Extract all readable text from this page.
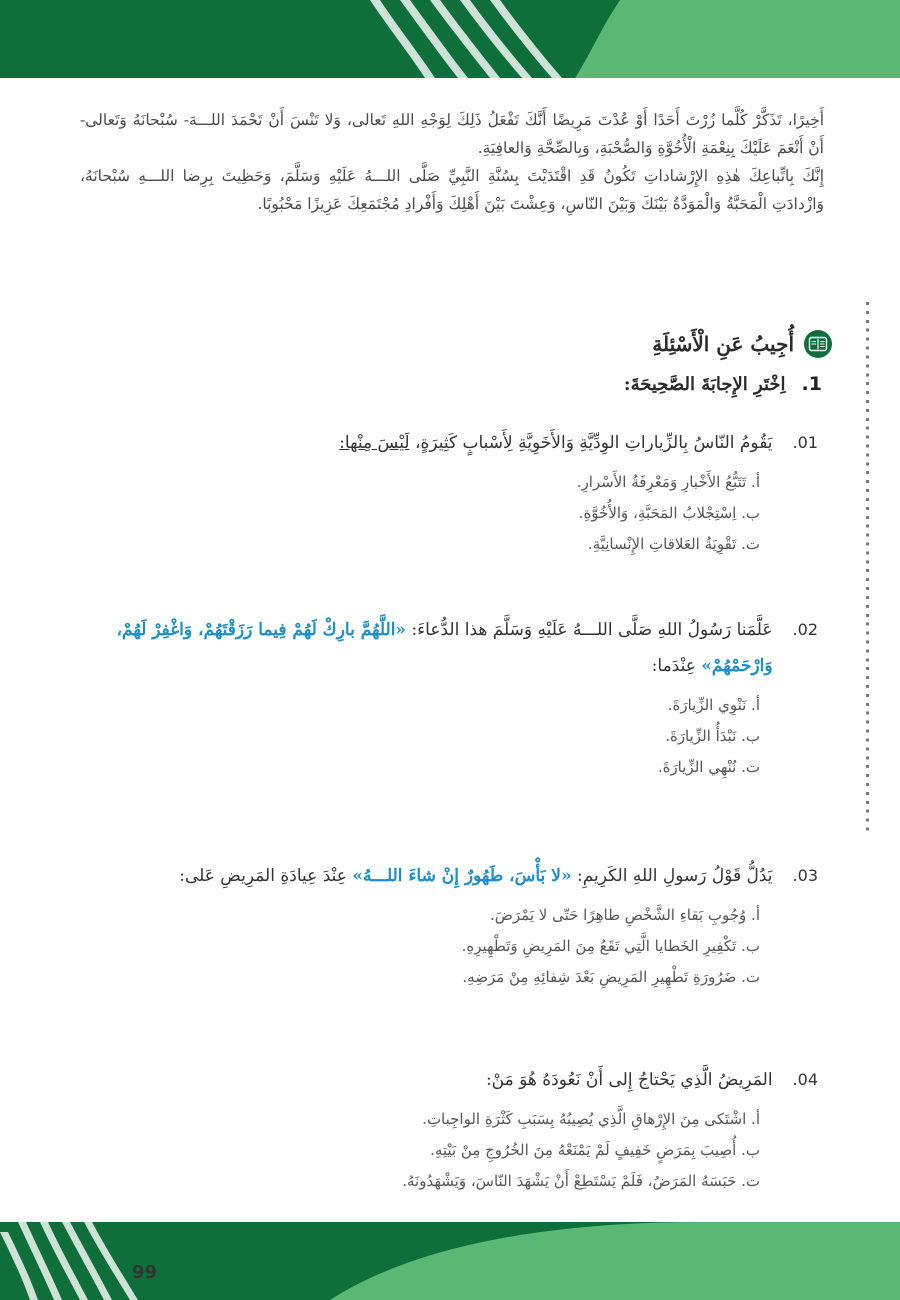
أَخِيرًا، تَذَكَّرْ كُلَّما زُرْتَ أَحَدًا أَوْ عُدْتَ مَرِيضًا أَنَّكَ تَفْعَلُ ذَلِكَ لِوَجْهِ اللهِ تَعالى، وَلا تَنْسَ أَنْ تَحْمَدَ اللـــهَ- سُبْحانَهُ وَتَعالى- أَنْ أَنْعَمَ عَلَيْكَ بِنِعْمَةِ الْأُخُوَّةِ وَالصُّحْبَةِ، وَبِالصِّحَّةِ وَالعافِيَةِ.

إِنَّكَ بِاتِّباعِكَ هٰذِهِ الإِرْشاداتِ تَكُونُ قَدِ اقْتَدَيْتَ بِسُنَّةِ النَّبِيِّ صَلَّى اللـــهُ عَلَيْهِ وَسَلَّمَ، وَحَظِيتَ بِرِضا اللـــهِ سُبْحانَهُ، وَازْدادَتِ الْمَحَبَّةُ وَالْمَوَدَّةُ بَيْنَكَ وَبَيْنَ النّاسِ، وَعِشْتَ بَيْنَ أَهْلِكَ وَأَفْرادِ مُجْتَمَعِكَ عَزِيزًا مَحْبُوبًا.

▪ ▪ ▪ ▪ ▪ ▪ ▪ ▪ ▪ ▪ ▪ ▪ ▪ ▪ ▪ ▪ ▪ ▪ ▪ ▪ ▪ ▪ ▪ ▪ ▪ ▪ ▪ ▪ ▪ ▪ ▪ ▪ ▪ ▪ ▪ ▪ ▪ ▪ ▪ ▪ ▪ ▪ ▪ ▪ ▪ ▪ ▪ ▪ ▪ ▪ ▪ ▪ ▪ ▪ ▪ ▪ ▪ ▪ ▪ ▪
أُجِيبُ عَنِ الْأَسْئِلَةِ
1.
اِخْتَرِ الإِجابَةَ الصَّحِيحَةَ:
01.
يَقُومُ النّاسُ بِالزِّياراتِ الوِدِّيَّةِ وَالأَخَوِيَّةِ لِأَسْبابٍ كَثِيرَةٍ، لَيْسَ مِنْها:
أ. تَتَبُّعُ الأَخْبارِ وَمَعْرِفَةُ الأَسْرارِ.
ب. اِسْتِجْلابُ المَحَبَّةِ، وَالأُخُوَّةِ.
ت. تَقْوِيَةُ العَلاقاتِ الإِنْسانِيَّةِ.
02.
عَلَّمَنا رَسُولُ اللهِ صَلَّى اللـــهُ عَلَيْهِ وَسَلَّمَ هذا الدُّعاءَ: «اللَّهُمَّ بارِكْ لَهُمْ فِيما رَزَقْتَهُمْ، وَاغْفِرْ لَهُمْ، وَارْحَمْهُمْ» عِنْدَما:
أ. نَنْوِي الزِّيارَةَ.
ب. نَبْدَأُ الزِّيارَةَ.
ت. نُنْهِي الزِّيارَةَ.
03.
يَدُلُّ قَوْلُ رَسولِ اللهِ الكَرِيمِ: «لا بَأْسَ، طَهُورٌ إِنْ شاءَ اللـــهُ» عِنْدَ عِيادَةِ المَرِيضِ عَلى:
أ. وُجُوبِ بَقاءِ الشَّخْصِ طاهِرًا حَتّى لا يَمْرَضَ.
ب. تَكْفِيرِ الخَطايا الَّتِي تَقَعُ مِنَ المَرِيضِ وَتَطْهِيرِهِ.
ت. ضَرُورَةِ تَطْهِيرِ المَرِيضِ بَعْدَ شِفائِهِ مِنْ مَرَضِهِ.
04.
المَرِيضُ الَّذِي يَحْتاجُ إِلى أَنْ نَعُودَهُ هُوَ مَنْ:
أ. اشْتَكى مِنَ الإِرْهاقِ الَّذِي يُصِيبُهُ بِسَبَبِ كَثْرَةِ الواجِباتِ.
ب. أُصِيبَ بِمَرَضٍ خَفِيفٍ لَمْ يَمْنَعْهُ مِنَ الخُرُوجِ مِنْ بَيْتِهِ.
ت. حَبَسَهُ المَرَضُ، فَلَمْ يَسْتَطِعْ أَنْ يَشْهَدَ النّاسَ، وَيَشْهَدُونَهُ.
99
